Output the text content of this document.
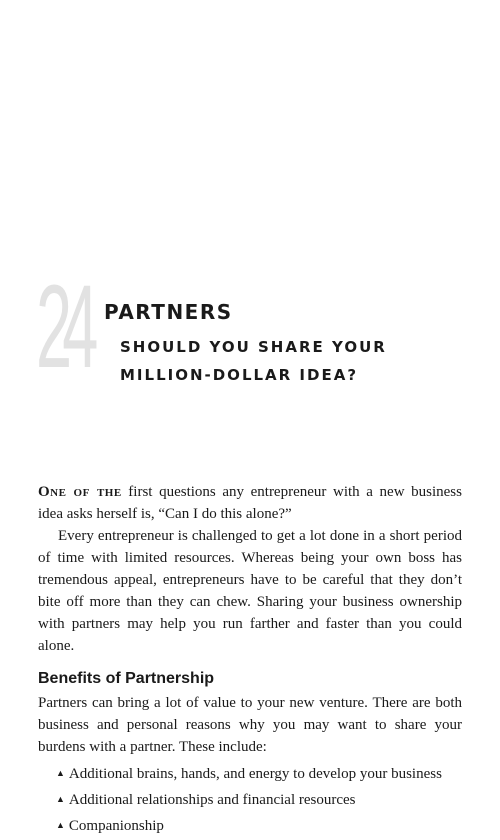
24 PARTNERS
SHOULD YOU SHARE YOUR
MILLION-DOLLAR IDEA?

One of the first questions any entrepreneur with a new business idea asks herself is, “Can I do this alone?”

Every entrepreneur is challenged to get a lot done in a short period of time with limited resources. Whereas being your own boss has tremendous appeal, entrepreneurs have to be careful that they don’t bite off more than they can chew. Sharing your business ownership with partners may help you run farther and faster than you could alone.

Benefits of Partnership

Partners can bring a lot of value to your new venture. There are both business and personal reasons why you may want to share your burdens with a partner. These include:

▲ Additional brains, hands, and energy to develop your business
▲ Additional relationships and financial resources
▲ Companionship
